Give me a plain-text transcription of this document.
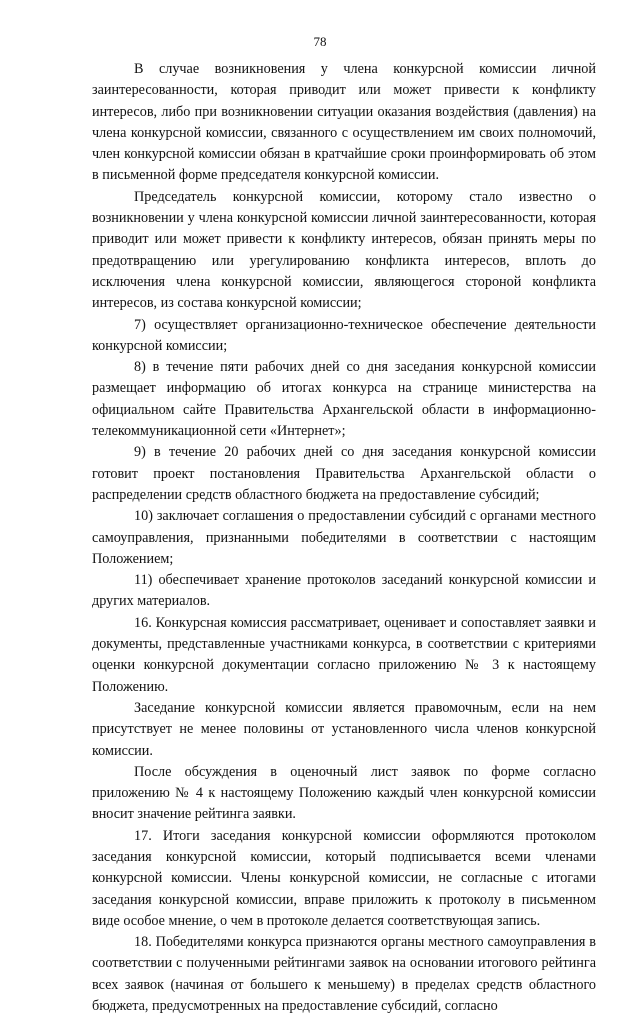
78

В случае возникновения у члена конкурсной комиссии личной заинтересованности, которая приводит или может привести к конфликту интересов, либо при возникновении ситуации оказания воздействия (давления) на члена конкурсной комиссии, связанного с осуществлением им своих полномочий, член конкурсной комиссии обязан в кратчайшие сроки проинформировать об этом в письменной форме председателя конкурсной комиссии.

Председатель конкурсной комиссии, которому стало известно о возникновении у члена конкурсной комиссии личной заинтересованности, которая приводит или может привести к конфликту интересов, обязан принять меры по предотвращению или урегулированию конфликта интересов, вплоть до исключения члена конкурсной комиссии, являющегося стороной конфликта интересов, из состава конкурсной комиссии;

7) осуществляет организационно-техническое обеспечение деятельности конкурсной комиссии;

8) в течение пяти рабочих дней со дня заседания конкурсной комиссии размещает информацию об итогах конкурса на странице министерства на официальном сайте Правительства Архангельской области в информационно-телекоммуникационной сети «Интернет»;

9) в течение 20 рабочих дней со дня заседания конкурсной комиссии готовит проект постановления Правительства Архангельской области о распределении средств областного бюджета на предоставление субсидий;

10) заключает соглашения о предоставлении субсидий с органами местного самоуправления, признанными победителями в соответствии с настоящим Положением;

11) обеспечивает хранение протоколов заседаний конкурсной комиссии и других материалов.

16. Конкурсная комиссия рассматривает, оценивает и сопоставляет заявки и документы, представленные участниками конкурса, в соответствии с критериями оценки конкурсной документации согласно приложению № 3 к настоящему Положению.

Заседание конкурсной комиссии является правомочным, если на нем присутствует не менее половины от установленного числа членов конкурсной комиссии.

После обсуждения в оценочный лист заявок по форме согласно приложению № 4 к настоящему Положению каждый член конкурсной комиссии вносит значение рейтинга заявки.

17. Итоги заседания конкурсной комиссии оформляются протоколом заседания конкурсной комиссии, который подписывается всеми членами конкурсной комиссии. Члены конкурсной комиссии, не согласные с итогами заседания конкурсной комиссии, вправе приложить к протоколу в письменном виде особое мнение, о чем в протоколе делается соответствующая запись.

18. Победителями конкурса признаются органы местного самоуправления в соответствии с полученными рейтингами заявок на основании итогового рейтинга всех заявок (начиная от большего к меньшему) в пределах средств областного бюджета, предусмотренных на предоставление субсидий, согласно
